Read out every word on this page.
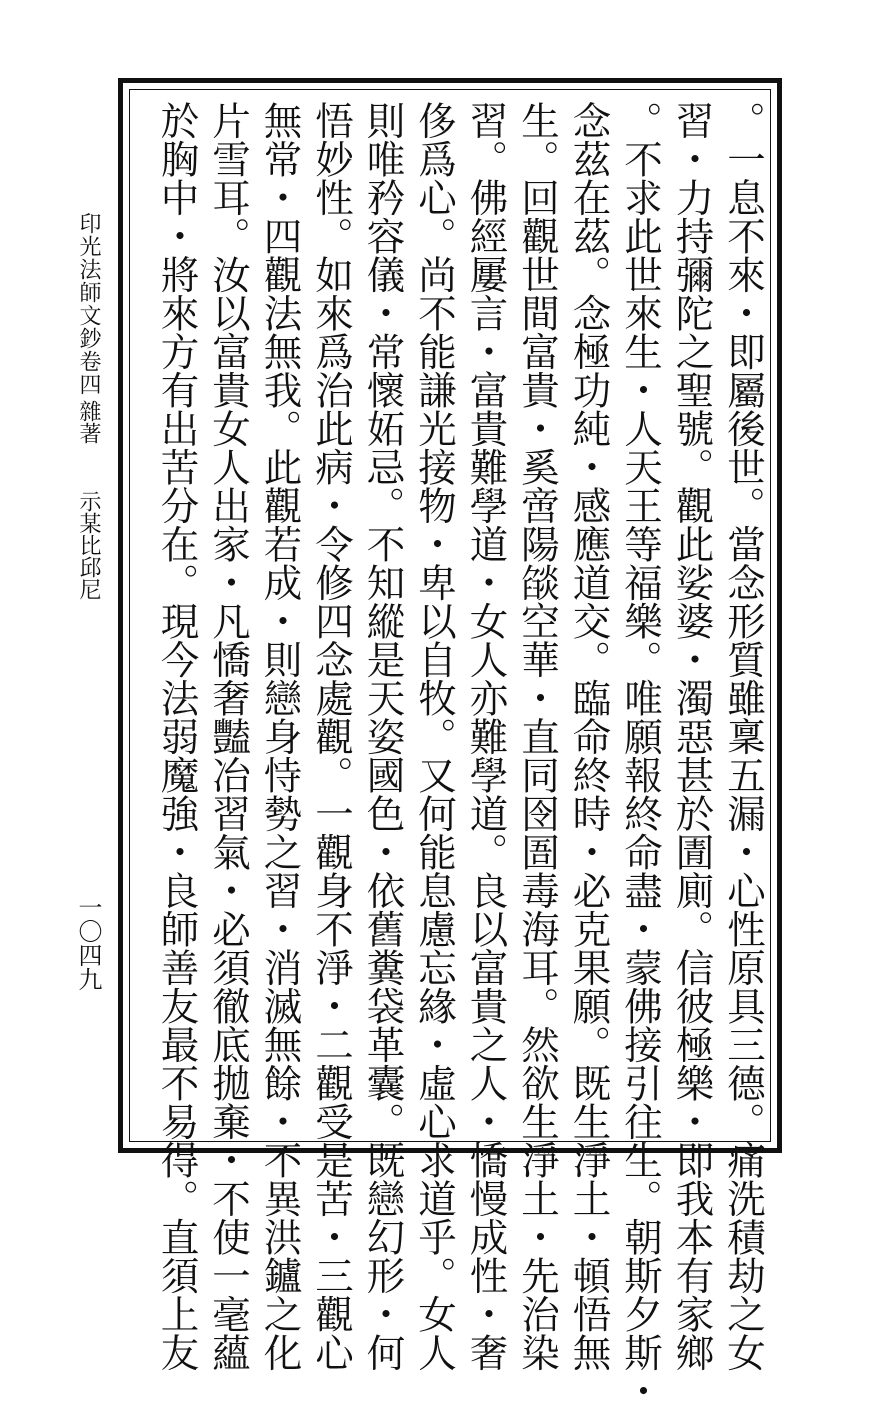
印光法師文鈔卷四
雜著
示某比邱尼
一〇四九	。一息不來・即屬後世。當念形質雖稟五漏・心性原具三德。痛洗積劫之女
習・力持彌陀之聖號。觀此娑婆・濁惡甚於圊廁。信彼極樂・即我本有家鄉
。不求此世來生・人天王等福樂。唯願報終命盡・蒙佛接引往生。朝斯夕斯・
念茲在茲。念極功純・感應道交。臨命終時・必克果願。既生淨土・頓悟無
生。回觀世間富貴・奚啻陽燄空華・直同囹圄毒海耳。然欲生淨土・先治染
習。佛經屢言・富貴難學道・女人亦難學道。良以富貴之人・憍慢成性・奢
侈爲心。尚不能謙光接物・卑以自牧。又何能息慮忘緣・虛心求道乎。女人
則唯矜容儀・常懷妬忌。不知縱是天姿國色・依舊糞袋革囊。既戀幻形・何
悟妙性。如來爲治此病・令修四念處觀。一觀身不淨・二觀受是苦・三觀心
無常・四觀法無我。此觀若成・則戀身恃勢之習・消滅無餘・不異洪鑪之化
片雪耳。汝以富貴女人出家・凡憍奢豔冶習氣・必須徹底拋棄・不使一毫蘊
於胸中・將來方有出苦分在。現今法弱魔強・良師善友最不易得。直須上友
